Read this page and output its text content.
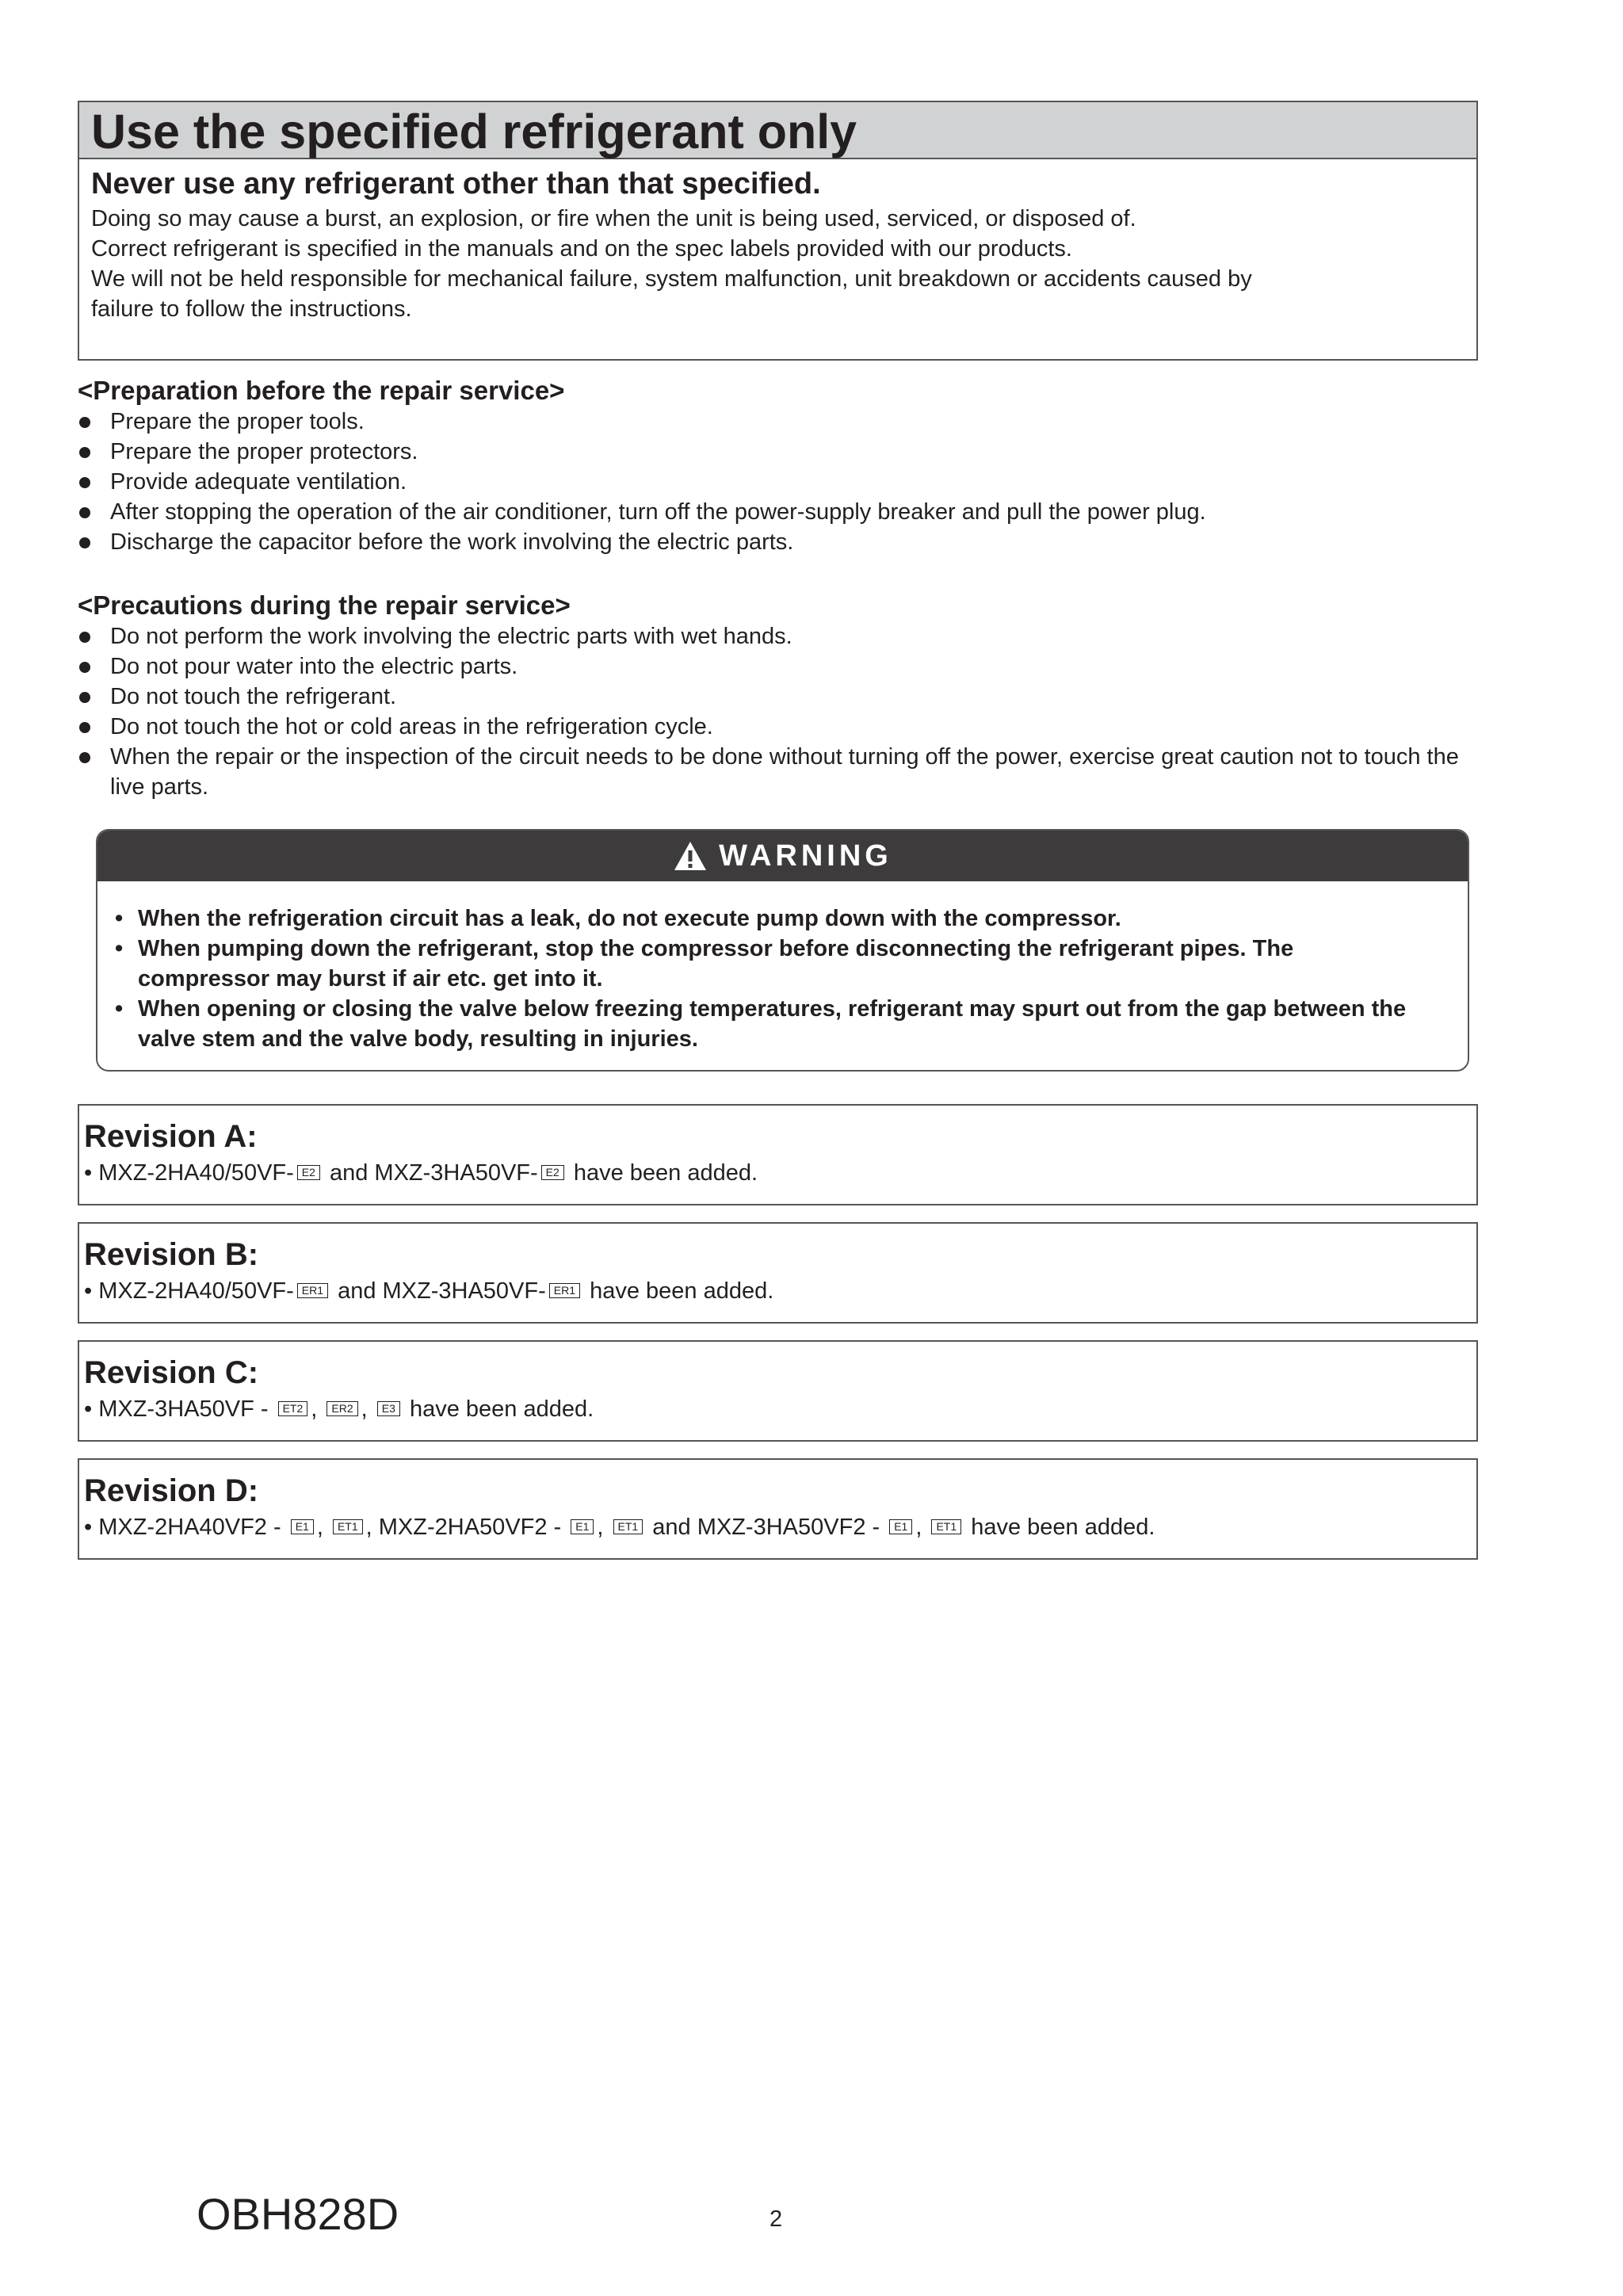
Use the specified refrigerant only
Never use any refrigerant other than that specified.
Doing so may cause a burst, an explosion, or fire when the unit is being used, serviced, or disposed of.
Correct refrigerant is specified in the manuals and on the spec labels provided with our products.
We will not be held responsible for mechanical failure, system malfunction, unit breakdown or accidents caused by
failure to follow the instructions.
<Preparation before the repair service>
Prepare the proper tools.
Prepare the proper protectors.
Provide adequate ventilation.
After stopping the operation of the air conditioner, turn off the power-supply breaker and pull the power plug.
Discharge the capacitor before the work involving the electric parts.
<Precautions during the repair service>
Do not perform the work involving the electric parts with wet hands.
Do not pour water into the electric parts.
Do not touch the refrigerant.
Do not touch the hot or cold areas in the refrigeration cycle.
When the repair or the inspection of the circuit needs to be done without turning off the power, exercise great caution not to touch the live parts.
WARNING
• When the refrigeration circuit has a leak, do not execute pump down with the compressor.
• When pumping down the refrigerant, stop the compressor before disconnecting the refrigerant pipes. The compressor may burst if air etc. get into it.
• When opening or closing the valve below freezing temperatures, refrigerant may spurt out from the gap between the valve stem and the valve body, resulting in injuries.
Revision A:
• MXZ-2HA40/50VF- E2 and MXZ-3HA50VF- E2 have been added.
Revision B:
• MXZ-2HA40/50VF- ER1 and MXZ-3HA50VF- ER1 have been added.
Revision C:
• MXZ-3HA50VF - ET2 , ER2 , E3 have been added.
Revision D:
• MXZ-2HA40VF2 - E1 , ET1 , MXZ-2HA50VF2 - E1 , ET1 and MXZ-3HA50VF2 - E1 , ET1 have been added.
OBH828D	2
